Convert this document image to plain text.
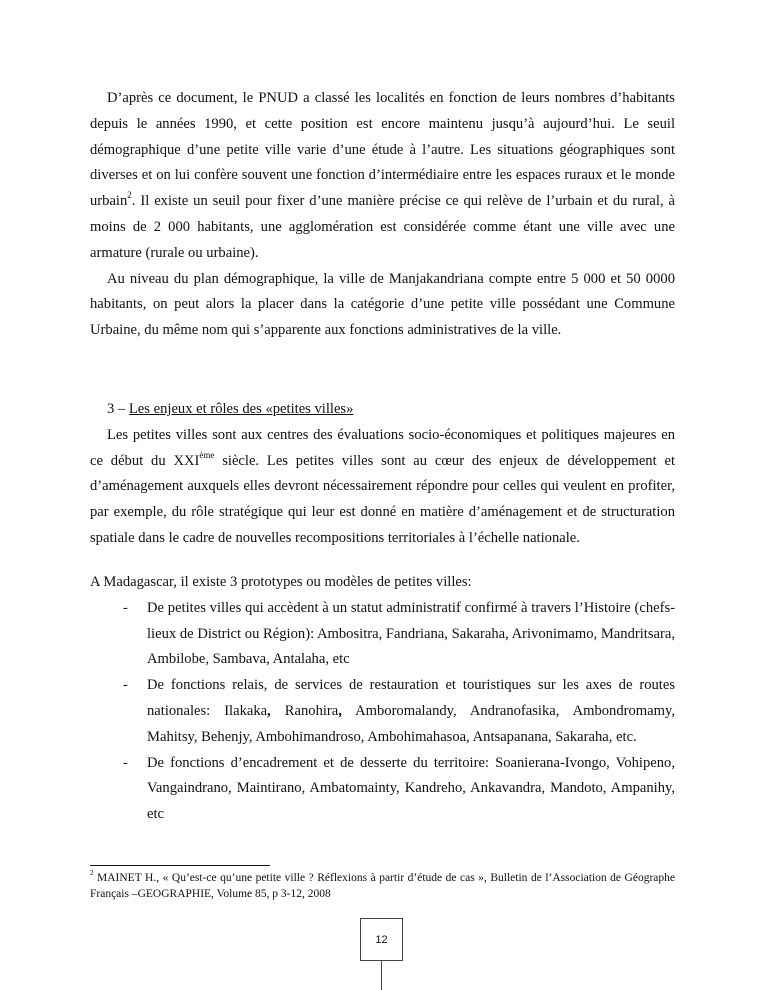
D’après ce document, le PNUD a classé les localités en fonction de leurs nombres d’habitants depuis le années 1990, et cette position est encore maintenu jusqu’à aujourd’hui. Le seuil démographique d’une petite ville varie d’une étude à l’autre. Les situations géographiques sont diverses et on lui confère souvent une fonction d’intermédiaire entre les espaces ruraux et le monde urbain$^2$. Il existe un seuil pour fixer d’une manière précise ce qui relève de l’urbain et du rural, à moins de 2 000 habitants, une agglomération est considérée comme étant une ville avec une armature (rurale ou urbaine).

Au niveau du plan démographique, la ville de Manjakandriana compte entre 5 000 et 50 0000 habitants, on peut alors la placer dans la catégorie d’une petite ville possédant une Commune Urbaine, du même nom qui s’apparente aux fonctions administratives de la ville.

3 – Les enjeux et rôles des «petites villes»

Les petites villes sont aux centres des évaluations socio-économiques et politiques majeures en ce début du XXIème siècle. Les petites villes sont au cœur des enjeux de développement et d’aménagement auxquels elles devront nécessairement répondre pour celles qui veulent en profiter, par exemple, du rôle stratégique qui leur est donné en matière d’aménagement et de structuration spatiale dans le cadre de nouvelles recompositions territoriales à l’échelle nationale.

A Madagascar, il existe 3 prototypes ou modèles de petites villes:

- De petites villes qui accèdent à un statut administratif confirmé à travers l’Histoire (chefs-lieux de District ou Région): Ambositra, Fandriana, Sakaraha, Arivonimamo, Mandritsara, Ambilobe, Sambava, Antalaha, etc
- De fonctions relais, de services de restauration et touristiques sur les axes de routes nationales: Ilakaka, Ranohira, Amboromalandy, Andranofasika, Ambondromamy, Mahitsy, Behenjy, Ambohimandroso, Ambohimahasoa, Antsapanana, Sakaraha, etc.
- De fonctions d’encadrement et de desserte du territoire: Soanierana-Ivongo, Vohipeno, Vangaindrano, Maintirano, Ambatomainty, Kandreho, Ankavandra, Mandoto, Ampanihy, etc
$^2$ MAINET H., « Qu’est-ce qu’une petite ville ? Réflexions à partir d’étude de cas », Bulletin de l’Association de Géographe Français –GEOGRAPHIE, Volume 85, p 3-12, 2008
12
